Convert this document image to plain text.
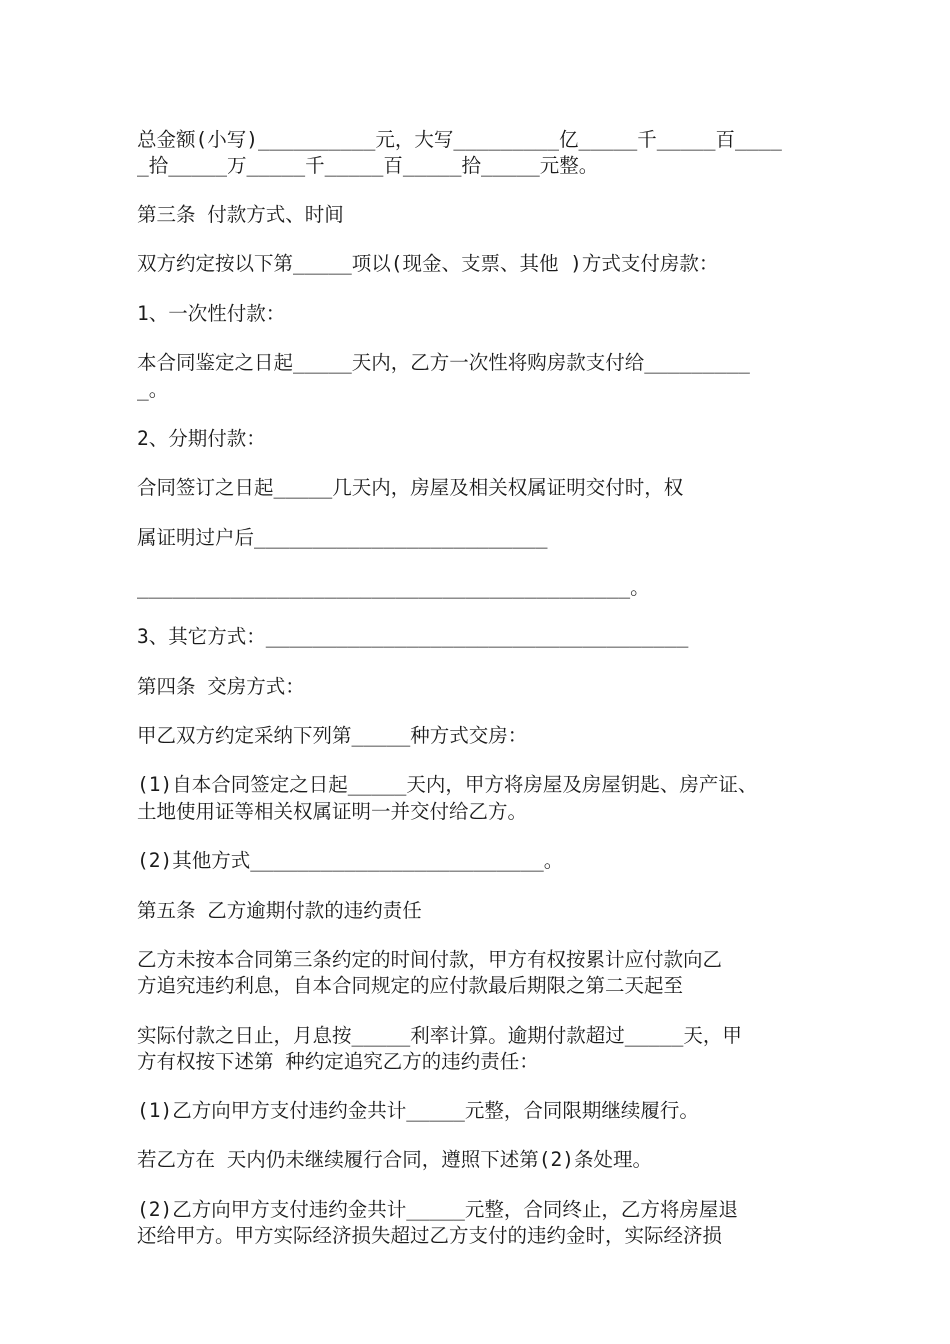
总金额(小写)__________元，大写_________亿_____千_____百____
_拾_____万_____千_____百_____拾_____元整。
第三条 付款方式、时间
双方约定按以下第_____项以(现金、支票、其他 )方式支付房款：
1、一次性付款：
本合同鉴定之日起_____天内，乙方一次性将购房款支付给_________
_。
2、分期付款：
合同签订之日起_____几天内，房屋及相关权属证明交付时，权
属证明过户后_________________________
__________________________________________。
3、其它方式：____________________________________
第四条 交房方式：
甲乙双方约定采纳下列第_____种方式交房：
(1)自本合同签定之日起_____天内，甲方将房屋及房屋钥匙、房产证、
土地使用证等相关权属证明一并交付给乙方。
(2)其他方式_________________________。
第五条 乙方逾期付款的违约责任
乙方未按本合同第三条约定的时间付款，甲方有权按累计应付款向乙
方追究违约利息，自本合同规定的应付款最后期限之第二天起至
实际付款之日止，月息按_____利率计算。逾期付款超过_____天，甲
方有权按下述第 种约定追究乙方的违约责任：
(1)乙方向甲方支付违约金共计_____元整，合同限期继续履行。
若乙方在 天内仍未继续履行合同，遵照下述第(2)条处理。
(2)乙方向甲方支付违约金共计_____元整，合同终止，乙方将房屋退
还给甲方。甲方实际经济损失超过乙方支付的违约金时，实际经济损
